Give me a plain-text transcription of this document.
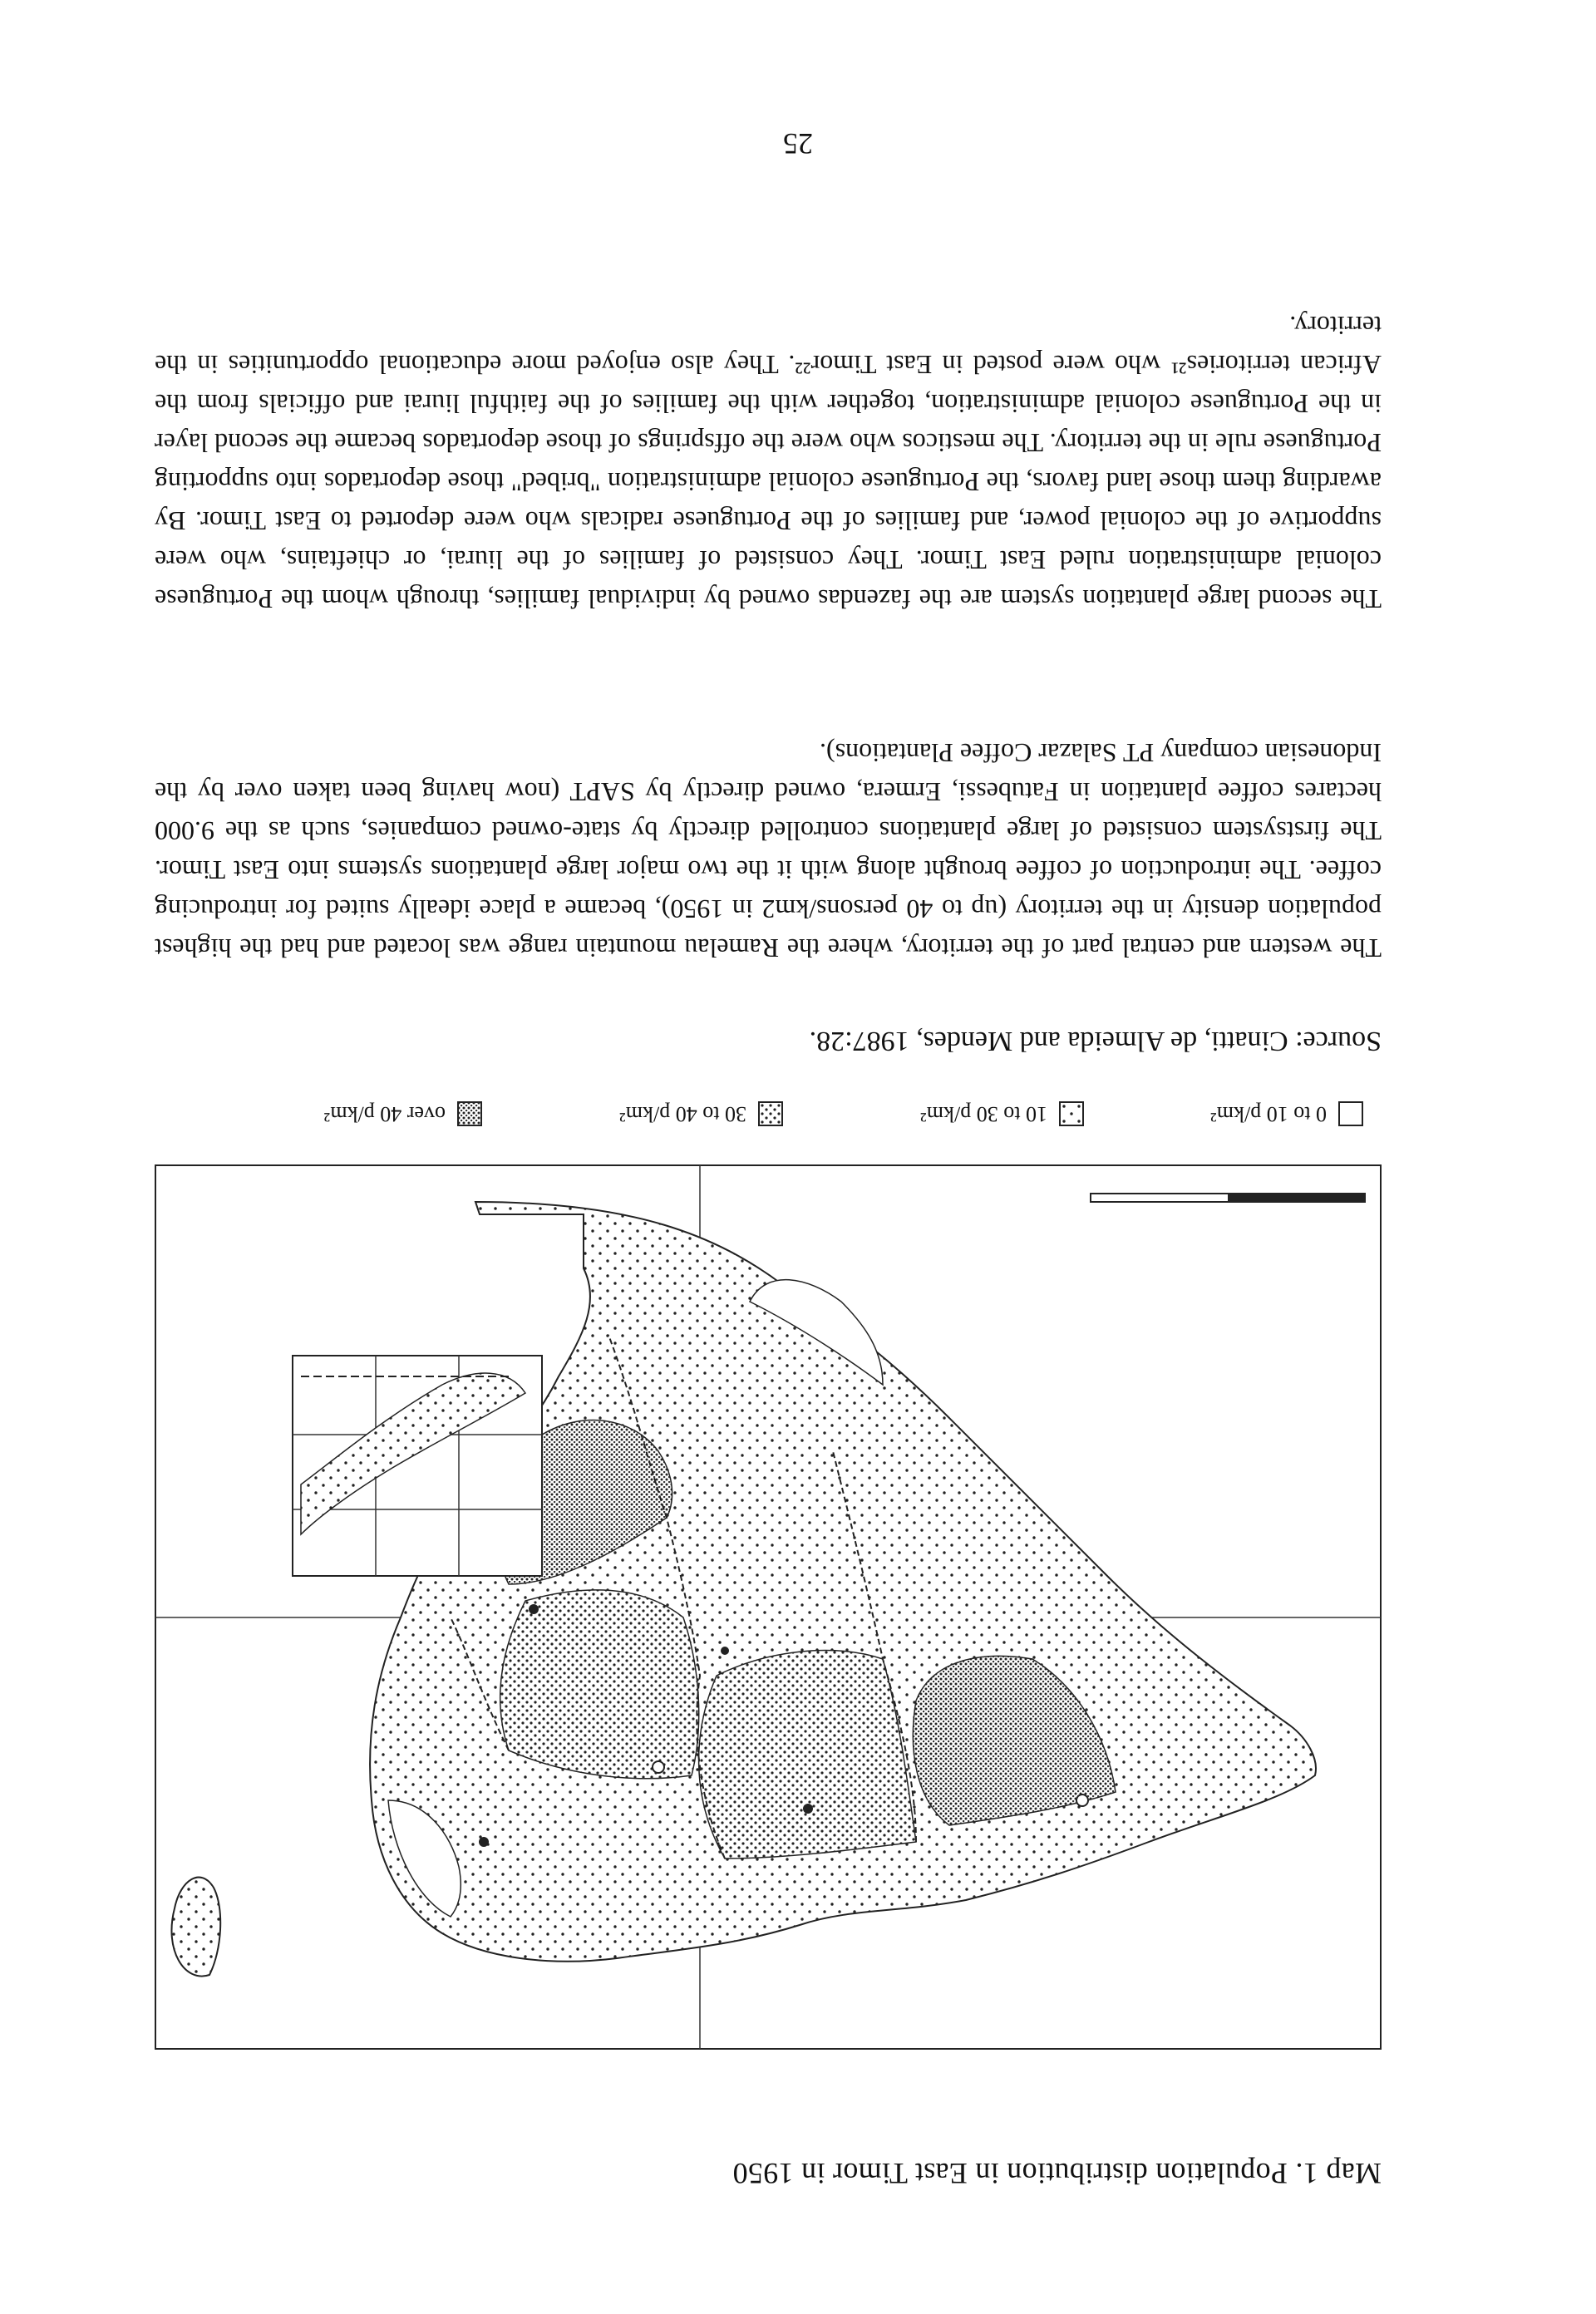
Map 1. Population distribution in East Timor in 1950
0 to 10 p/km²
10 to 30 p/km²
30 to 40 p/km²
over 40 p/km²
Source: Cinatti, de Almeida and Mendes, 1987:28.

The western and central part of the territory, where the Ramelau mountain range was located and had the highest population density in the territory (up to 40 persons/km2 in 1950), became a place ideally suited for introducing coffee. The introduction of coffee brought along with it the two major large plantations systems into East Timor. The firstsystem consisted of large plantations controlled directly by state-owned companies, such as the 9.000 hectares coffee plantation in Fatubessi, Ermera, owned directly by SAPT (now having been taken over by the Indonesian company PT Salazar Coffee Plantations).

The second large plantation system are the fazendas owned by individual families, through whom the Portuguese colonial administration ruled East Timor. They consisted of families of the liurai, or chieftains, who were supportive of the colonial power, and families of the Portuguese radicals who were deported to East Timor. By awarding them those land favors, the Portuguese colonial administration "bribed" those deportados into supporting Portuguese rule in the territory. The mesticos who were the offsprings of those deportados became the second layer in the Portuguese colonial administration, together with the families of the faithful liurai and officials from the African territories²¹ who were posted in East Timor²². They also enjoyed more educational opportunities in the territory.

25
